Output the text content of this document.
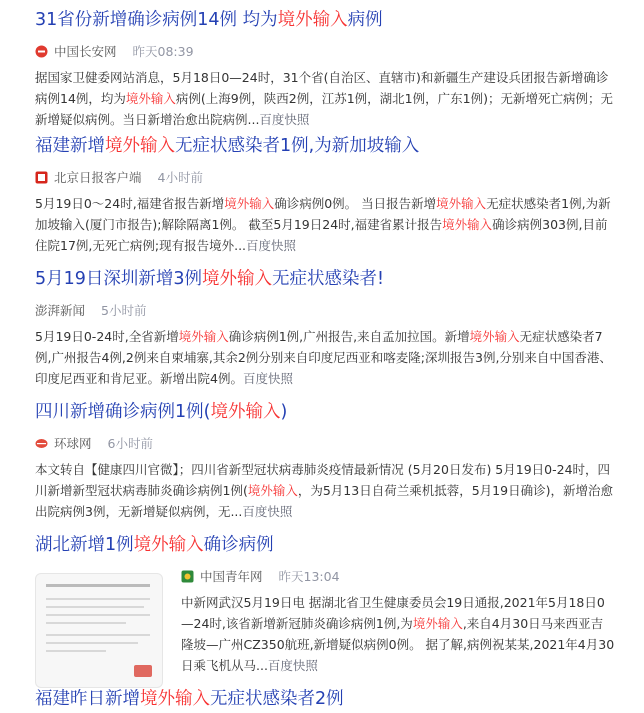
31省份新增确诊病例14例 均为境外输入病例
中国长安网 昨天08:39
据国家卫健委网站消息，5月18日0—24时，31个省(自治区、直辖市)和新疆生产建设兵团报告新增确诊病例14例，均为境外输入病例(上海9例，陕西2例，江苏1例，湖北1例，广东1例)；无新增死亡病例；无新增疑似病例。当日新增治愈出院病例...百度快照
福建新增境外输入无症状感染者1例,为新加坡输入
北京日报客户端 4小时前
5月19日0～24时,福建省报告新增境外输入确诊病例0例。 当日报告新增境外输入无症状感染者1例,为新加坡输入(厦门市报告);解除隔离1例。 截至5月19日24时,福建省累计报告境外输入确诊病例303例,目前住院17例,无死亡病例;现有报告境外...百度快照
5月19日深圳新增3例境外输入无症状感染者!
澎湃新闻 5小时前
5月19日0-24时,全省新增境外输入确诊病例1例,广州报告,来自孟加拉国。新增境外输入无症状感染者7例,广州报告4例,2例来自柬埔寨,其余2例分别来自印度尼西亚和喀麦隆;深圳报告3例,分别来自中国香港、印度尼西亚和肯尼亚。新增出院4例。百度快照
四川新增确诊病例1例(境外输入)
环球网 6小时前
本文转自【健康四川官微】；四川省新型冠状病毒肺炎疫情最新情况 (5月20日发布) 5月19日0-24时，四川新增新型冠状病毒肺炎确诊病例1例(境外输入，为5月13日自荷兰乘机抵蓉，5月19日确诊)，新增治愈出院病例3例，无新增疑似病例，无...百度快照
湖北新增1例境外输入确诊病例
中国青年网 昨天13:04
中新网武汉5月19日电 据湖北省卫生健康委员会19日通报,2021年5月18日0—24时,该省新增新冠肺炎确诊病例1例,为境外输入,来自4月30日马来西亚吉隆坡—广州CZ350航班,新增疑似病例0例。 据了解,病例祝某某,2021年4月30日乘飞机从马...百度快照
福建昨日新增境外输入无症状感染者2例
